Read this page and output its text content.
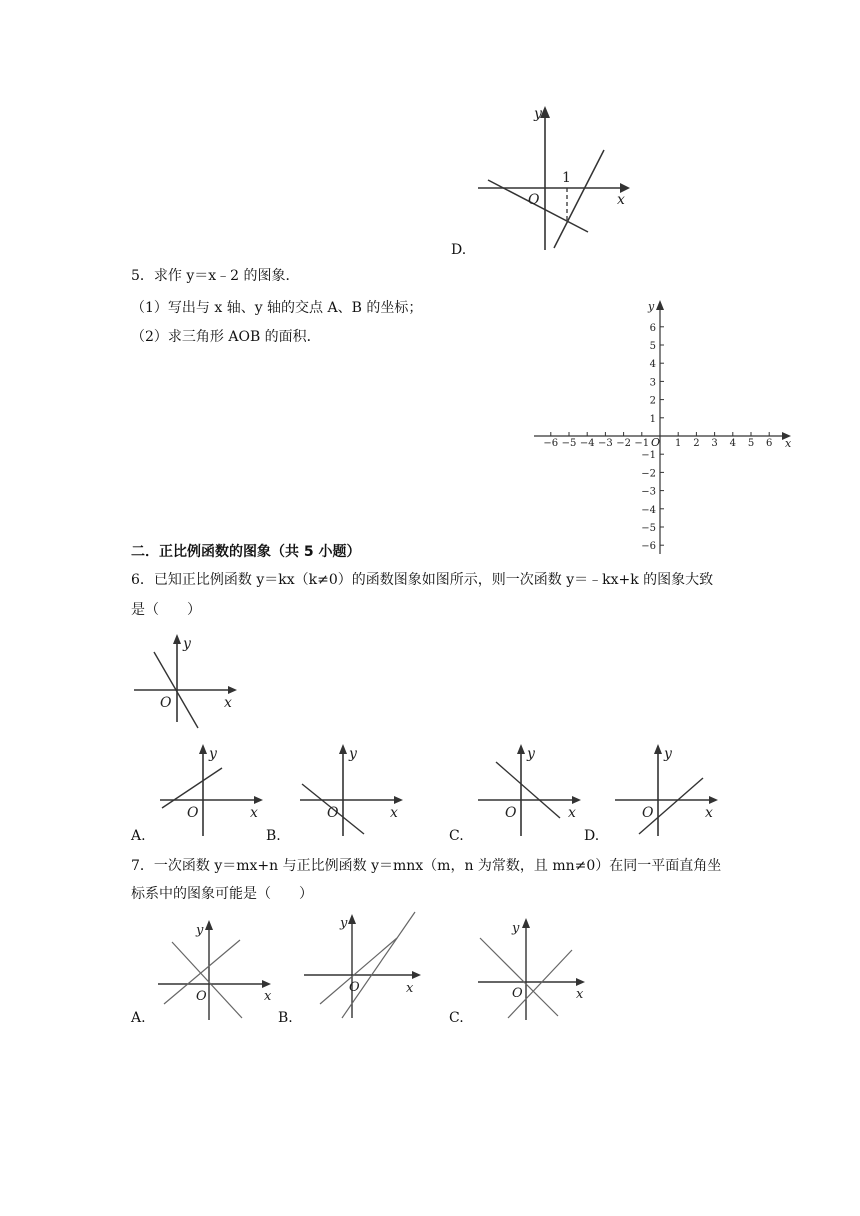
y
x
O
1
D.
5．求作 y＝x﹣2 的图象．
（1）写出与 x 轴、y 轴的交点 A、B 的坐标；
（2）求三角形 AOB 的面积．
y
x
O
−6 −5 −4 −3 −2 −1	1 2 3 4 5 6
6
5
4
3
2
1
−1
−2
−3
−4
−5
−6
二．正比例函数的图象（共 5 小题）
6．已知正比例函数 y＝kx（k≠0）的函数图象如图所示，则一次函数 y＝﹣kx+k 的图象大致
是（　　）
y
x
O
y
x
O
A.
y
x
O
B.
y
x
O
C.
y
x
O
D.
7．一次函数 y＝mx+n 与正比例函数 y＝mnx（m，n 为常数，且 mn≠0）在同一平面直角坐
标系中的图象可能是（　　）
y
x
O
A.
y
x
O
B.
y
x
O
C.
